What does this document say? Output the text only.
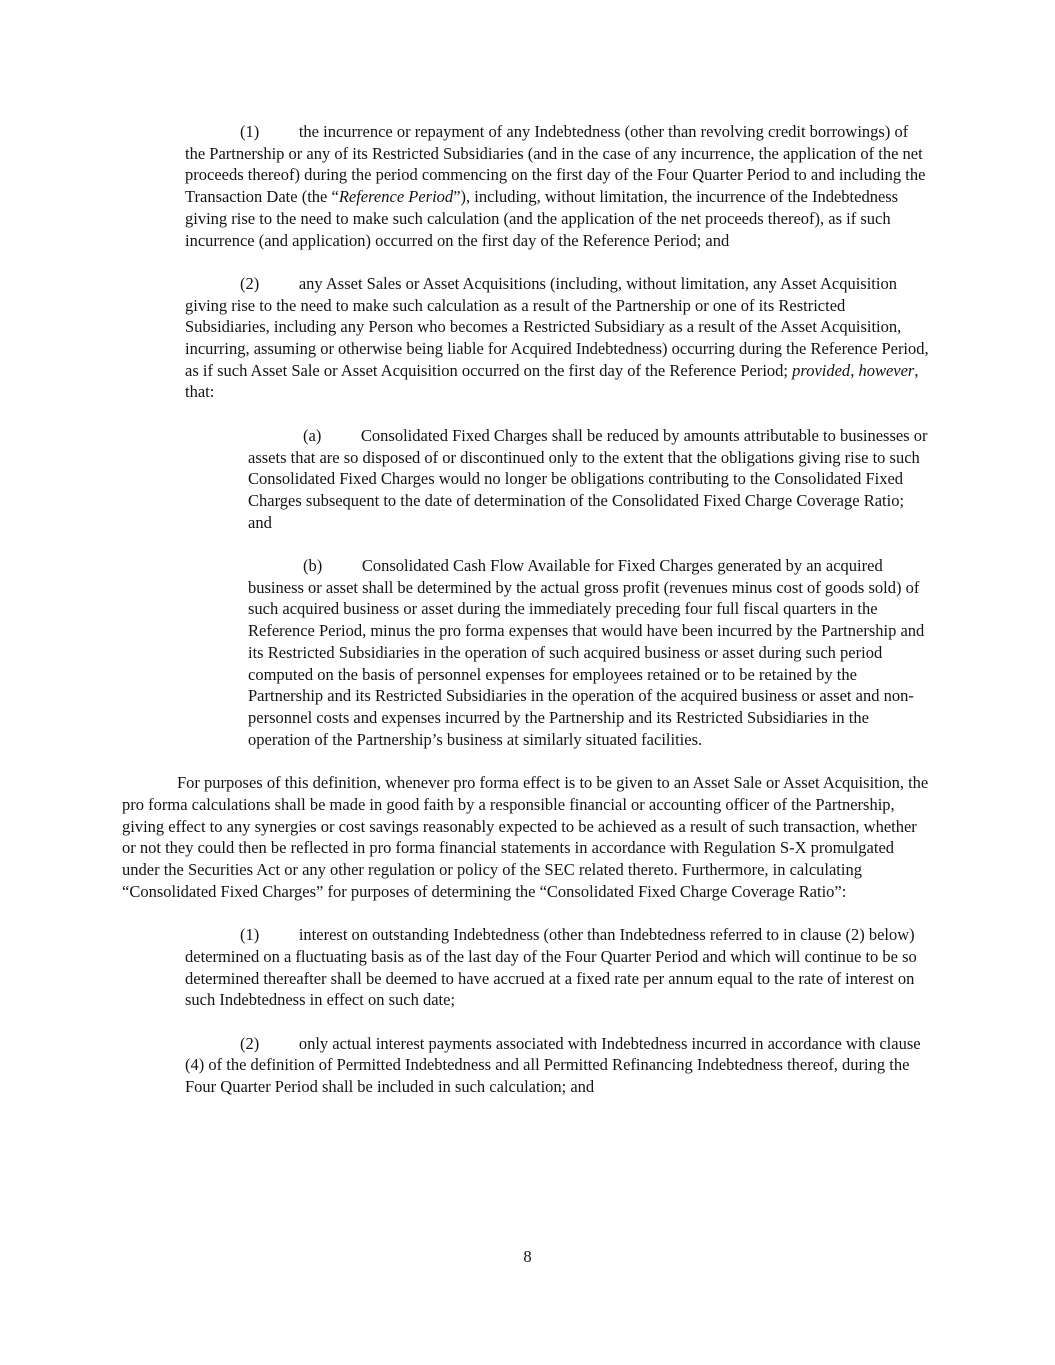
(1) the incurrence or repayment of any Indebtedness (other than revolving credit borrowings) of the Partnership or any of its Restricted Subsidiaries (and in the case of any incurrence, the application of the net proceeds thereof) during the period commencing on the first day of the Four Quarter Period to and including the Transaction Date (the “Reference Period”), including, without limitation, the incurrence of the Indebtedness giving rise to the need to make such calculation (and the application of the net proceeds thereof), as if such incurrence (and application) occurred on the first day of the Reference Period; and

(2) any Asset Sales or Asset Acquisitions (including, without limitation, any Asset Acquisition giving rise to the need to make such calculation as a result of the Partnership or one of its Restricted Subsidiaries, including any Person who becomes a Restricted Subsidiary as a result of the Asset Acquisition, incurring, assuming or otherwise being liable for Acquired Indebtedness) occurring during the Reference Period, as if such Asset Sale or Asset Acquisition occurred on the first day of the Reference Period; provided, however, that:

(a) Consolidated Fixed Charges shall be reduced by amounts attributable to businesses or assets that are so disposed of or discontinued only to the extent that the obligations giving rise to such Consolidated Fixed Charges would no longer be obligations contributing to the Consolidated Fixed Charges subsequent to the date of determination of the Consolidated Fixed Charge Coverage Ratio; and

(b) Consolidated Cash Flow Available for Fixed Charges generated by an acquired business or asset shall be determined by the actual gross profit (revenues minus cost of goods sold) of such acquired business or asset during the immediately preceding four full fiscal quarters in the Reference Period, minus the pro forma expenses that would have been incurred by the Partnership and its Restricted Subsidiaries in the operation of such acquired business or asset during such period computed on the basis of personnel expenses for employees retained or to be retained by the Partnership and its Restricted Subsidiaries in the operation of the acquired business or asset and non-personnel costs and expenses incurred by the Partnership and its Restricted Subsidiaries in the operation of the Partnership’s business at similarly situated facilities.

For purposes of this definition, whenever pro forma effect is to be given to an Asset Sale or Asset Acquisition, the pro forma calculations shall be made in good faith by a responsible financial or accounting officer of the Partnership, giving effect to any synergies or cost savings reasonably expected to be achieved as a result of such transaction, whether or not they could then be reflected in pro forma financial statements in accordance with Regulation S-X promulgated under the Securities Act or any other regulation or policy of the SEC related thereto. Furthermore, in calculating “Consolidated Fixed Charges” for purposes of determining the “Consolidated Fixed Charge Coverage Ratio”:

(1) interest on outstanding Indebtedness (other than Indebtedness referred to in clause (2) below) determined on a fluctuating basis as of the last day of the Four Quarter Period and which will continue to be so determined thereafter shall be deemed to have accrued at a fixed rate per annum equal to the rate of interest on such Indebtedness in effect on such date;

(2) only actual interest payments associated with Indebtedness incurred in accordance with clause (4) of the definition of Permitted Indebtedness and all Permitted Refinancing Indebtedness thereof, during the Four Quarter Period shall be included in such calculation; and

8
